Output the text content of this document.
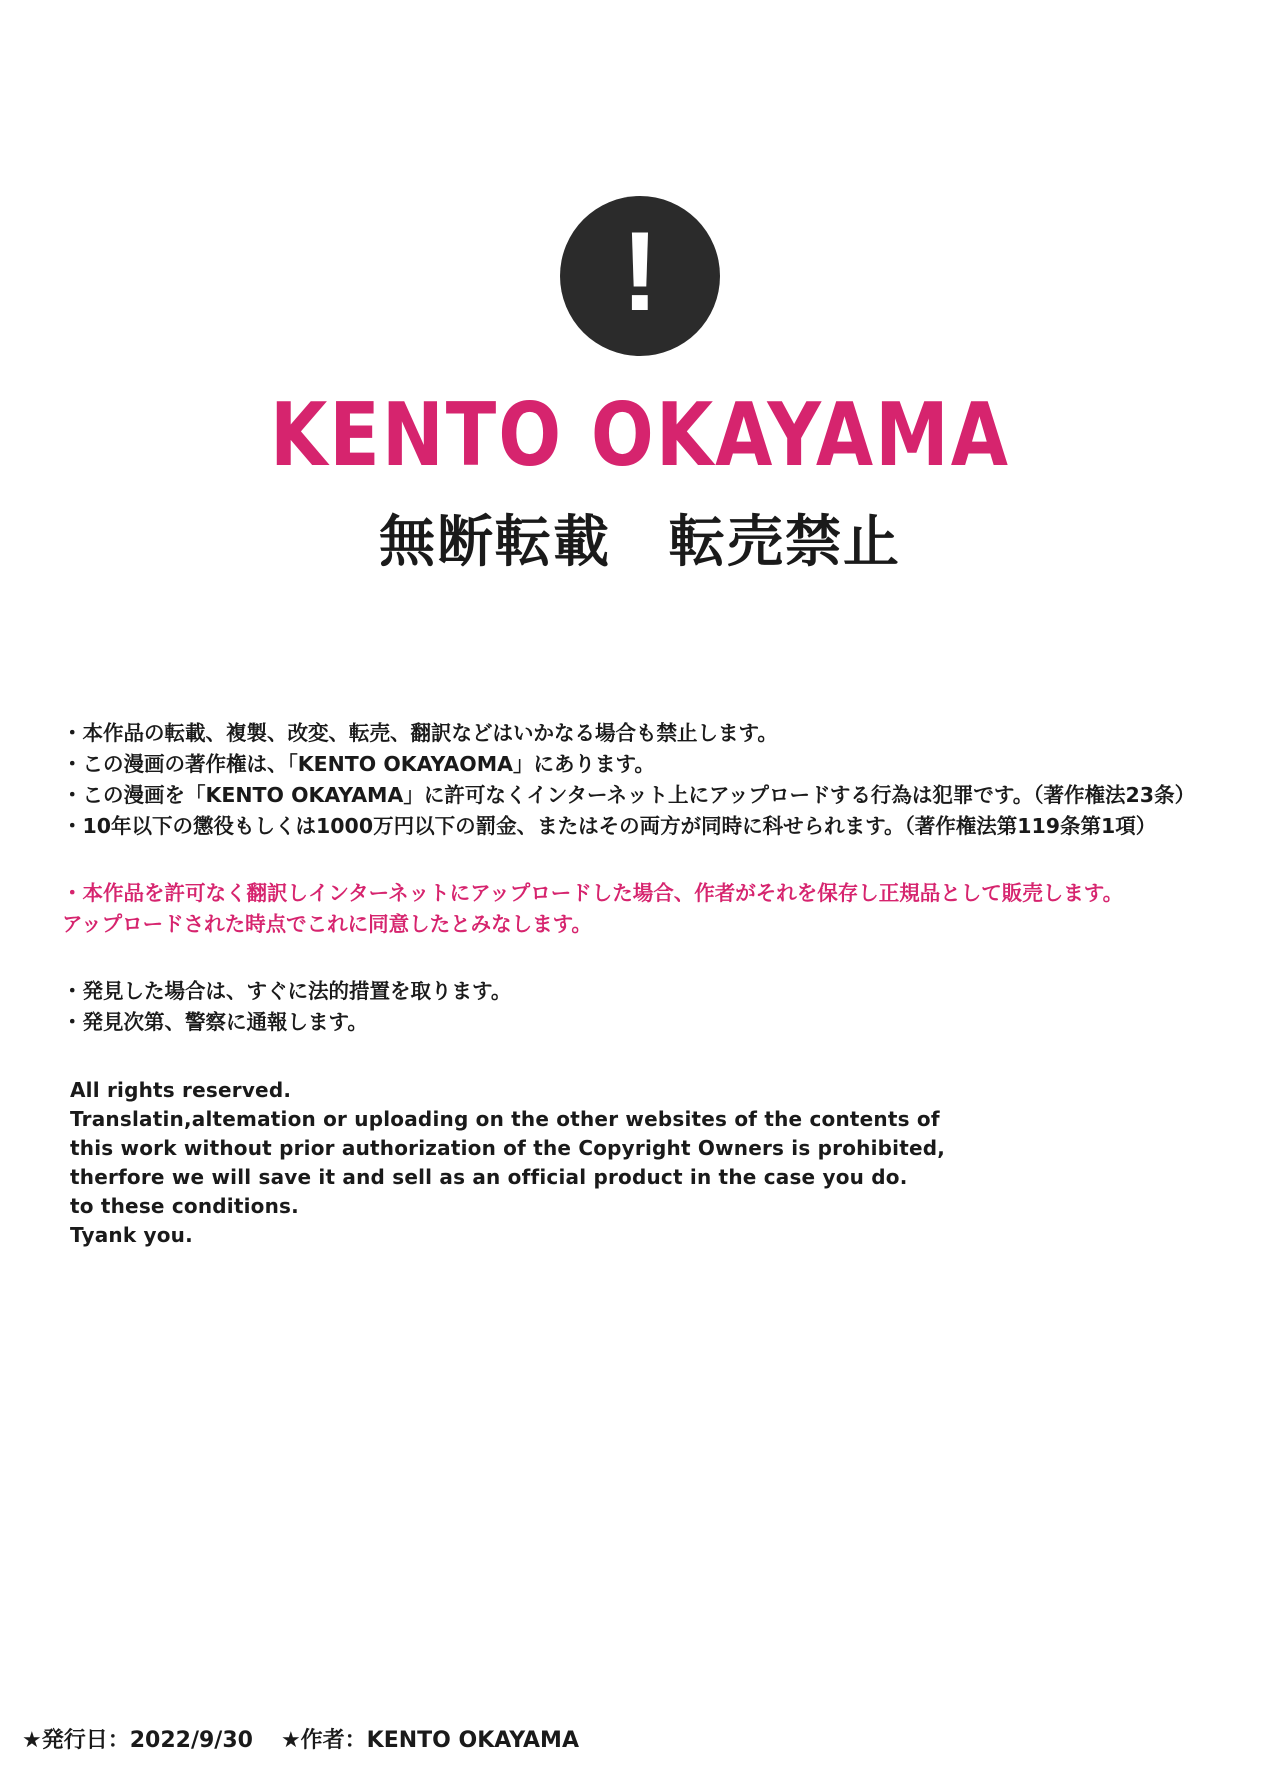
!
KENTO OKAYAMA
無断転載　転売禁止
・本作品の転載、複製、改変、転売、翻訳などはいかなる場合も禁止します。
・この漫画の著作権は、「KENTO OKAYAOMA」にあります。
・この漫画を「KENTO OKAYAMA」に許可なくインターネット上にアップロードする行為は犯罪です。（著作権法23条）
・10年以下の懲役もしくは1000万円以下の罰金、またはその両方が同時に科せられます。（著作権法第119条第1項）
・本作品を許可なく翻訳しインターネットにアップロードした場合、作者がそれを保存し正規品として販売します。
アップロードされた時点でこれに同意したとみなします。
・発見した場合は、すぐに法的措置を取ります。
・発見次第、警察に通報します。
All rights reserved.
Translatin,altemation or uploading on the other websites of the contents of
this work without prior authorization of the Copyright Owners is prohibited,
therfore we will save it and sell as an official product in the case you do.
to these conditions.
Tyank you.
★発行日：2022/9/30 ★作者：KENTO OKAYAMA
